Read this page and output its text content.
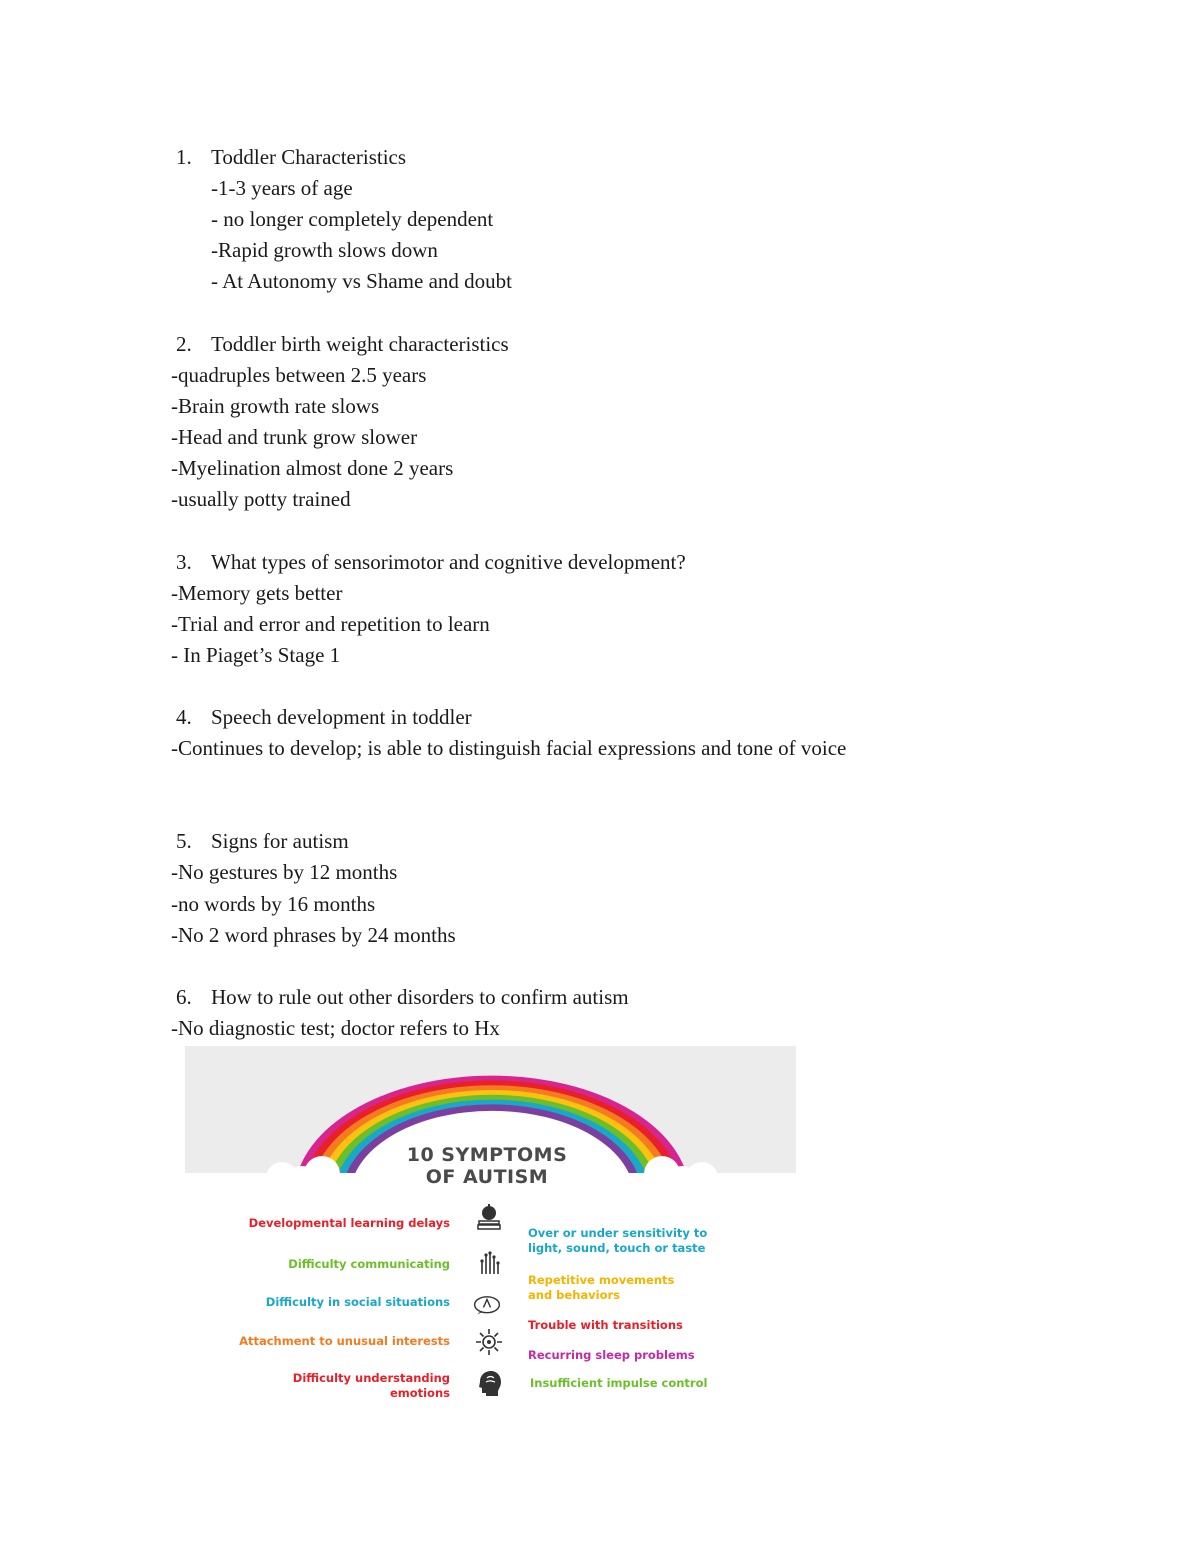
1. Toddler Characteristics
-1-3 years of age
- no longer completely dependent
-Rapid growth slows down
- At Autonomy vs Shame and doubt
2. Toddler birth weight characteristics
-quadruples between 2.5 years
-Brain growth rate slows
-Head and trunk grow slower
-Myelination almost done 2 years
-usually potty trained
3. What types of sensorimotor and cognitive development?
-Memory gets better
-Trial and error and repetition to learn
- In Piaget’s Stage 1
4. Speech development in toddler
-Continues to develop; is able to distinguish facial expressions and tone of voice
5. Signs for autism
-No gestures by 12 months
-no words by 16 months
-No 2 word phrases by 24 months
6. How to rule out other disorders to confirm autism
-No diagnostic test; doctor refers to Hx
10 SYMPTOMS
OF AUTISM
Developmental learning delays
Difficulty communicating
Difficulty in social situations
Attachment to unusual interests
Difficulty understanding
emotions
Over or under sensitivity to
light, sound, touch or taste
Repetitive movements
and behaviors
Trouble with transitions
Recurring sleep problems
Insufficient impulse control
